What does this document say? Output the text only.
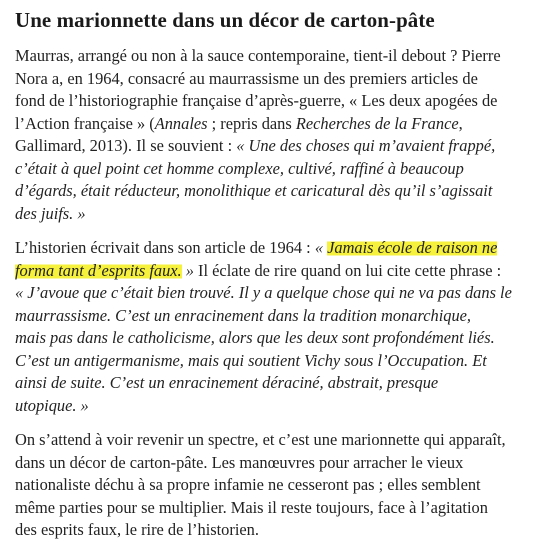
Une marionnette dans un décor de carton-pâte
Maurras, arrangé ou non à la sauce contemporaine, tient-il debout ? Pierre
Nora a, en 1964, consacré au maurrassisme un des premiers articles de
fond de l’historiographie française d’après-guerre, « Les deux apogées de
l’Action française » (Annales ; repris dans Recherches de la France,
Gallimard, 2013). Il se souvient : « Une des choses qui m’avaient frappé,
c’était à quel point cet homme complexe, cultivé, raffiné à beaucoup
d’égards, était réducteur, monolithique et caricatural dès qu’il s’agissait
des juifs. »
L’historien écrivait dans son article de 1964 : « Jamais école de raison ne
forma tant d’esprits faux. » Il éclate de rire quand on lui cite cette phrase :
« J’avoue que c’était bien trouvé. Il y a quelque chose qui ne va pas dans le
maurrassisme. C’est un enracinement dans la tradition monarchique,
mais pas dans le catholicisme, alors que les deux sont profondément liés.
C’est un antigermanisme, mais qui soutient Vichy sous l’Occupation. Et
ainsi de suite. C’est un enracinement déraciné, abstrait, presque
utopique. »
On s’attend à voir revenir un spectre, et c’est une marionnette qui apparaît,
dans un décor de carton-pâte. Les manœuvres pour arracher le vieux
nationaliste déchu à sa propre infamie ne cesseront pas ; elles semblent
même parties pour se multiplier. Mais il reste toujours, face à l’agitation
des esprits faux, le rire de l’historien.
